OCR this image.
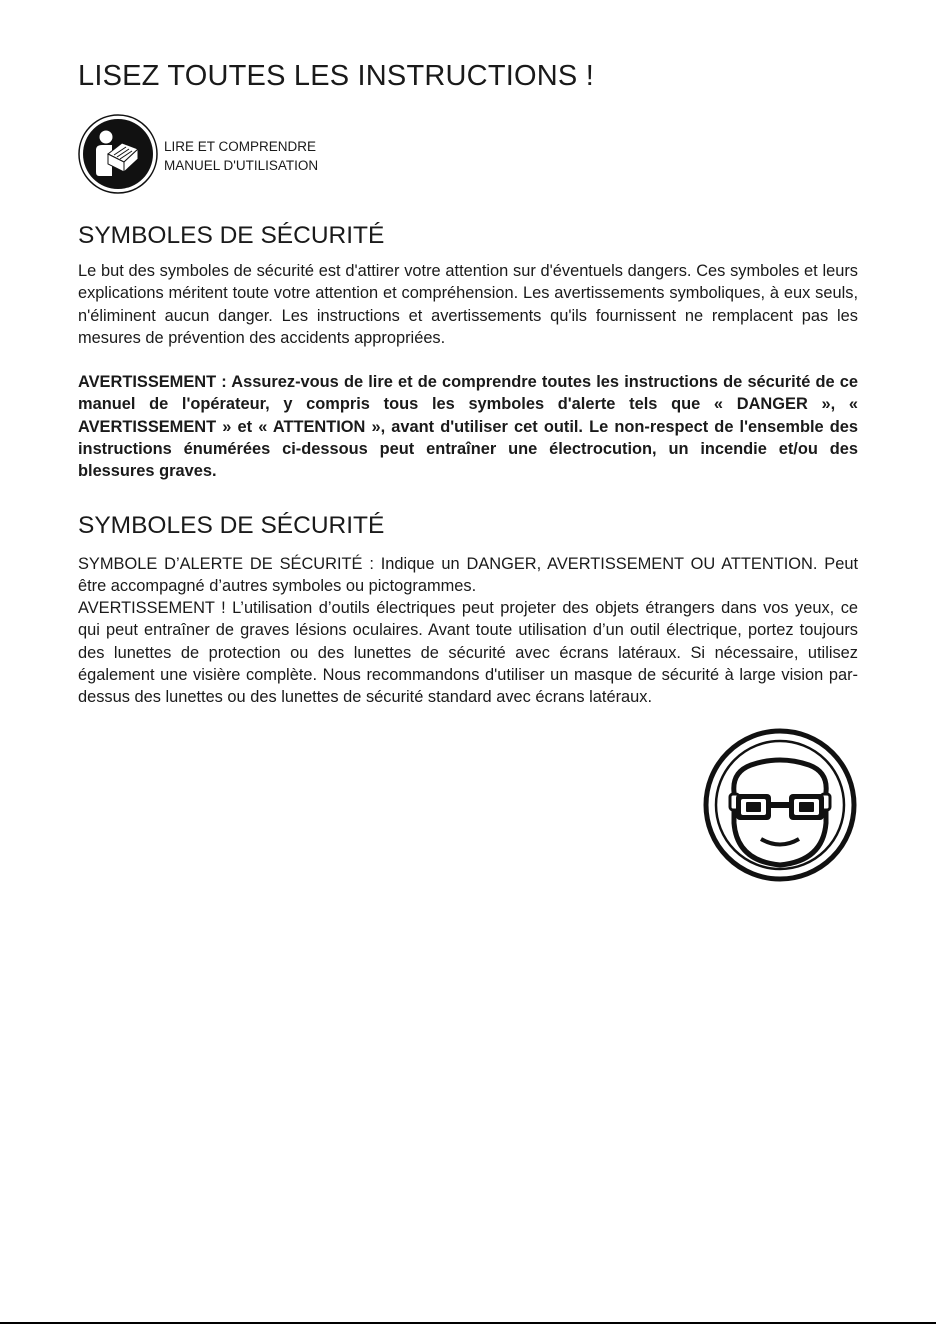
LISEZ TOUTES LES INSTRUCTIONS !
LIRE ET COMPRENDRE
MANUEL D'UTILISATION
SYMBOLES DE SÉCURITÉ

Le but des symboles de sécurité est d'attirer votre attention sur d'éventuels dangers. Ces symboles et leurs explications méritent toute votre attention et compréhension. Les avertissements symboliques, à eux seuls, n'éliminent aucun danger. Les instructions et avertissements qu'ils fournissent ne remplacent pas les mesures de prévention des accidents appropriées.

AVERTISSEMENT : Assurez-vous de lire et de comprendre toutes les instructions de sécurité de ce manuel de l'opérateur, y compris tous les symboles d'alerte tels que « DANGER », « AVERTISSEMENT » et « ATTENTION », avant d'utiliser cet outil. Le non-respect de l'ensemble des instructions énumérées ci-dessous peut entraîner une électrocution, un incendie et/ou des blessures graves.

SYMBOLES DE SÉCURITÉ

SYMBOLE D’ALERTE DE SÉCURITÉ : Indique un DANGER, AVERTISSEMENT OU ATTENTION. Peut être accompagné d’autres symboles ou pictogrammes.

AVERTISSEMENT ! L’utilisation d’outils électriques peut projeter des objets étrangers dans vos yeux, ce qui peut entraîner de graves lésions oculaires. Avant toute utilisation d’un outil électrique, portez toujours des lunettes de protection ou des lunettes de sécurité avec écrans latéraux. Si nécessaire, utilisez également une visière complète. Nous recommandons d'utiliser un masque de sécurité à large vision par-dessus des lunettes ou des lunettes de sécurité standard avec écrans latéraux.
